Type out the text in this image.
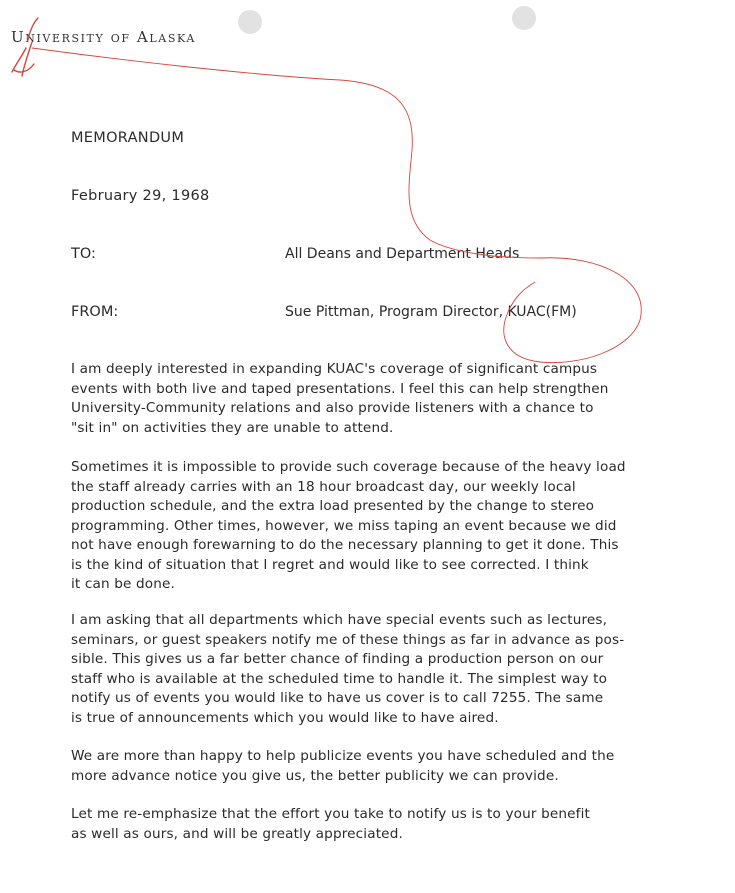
University of Alaska
MEMORANDUM
February 29, 1968
TO:	All Deans and Department Heads
FROM:	Sue Pittman, Program Director, KUAC(FM)
I am deeply interested in expanding KUAC's coverage of significant campus
events with both live and taped presentations. I feel this can help strengthen
University-Community relations and also provide listeners with a chance to
"sit in" on activities they are unable to attend.
Sometimes it is impossible to provide such coverage because of the heavy load
the staff already carries with an 18 hour broadcast day, our weekly local
production schedule, and the extra load presented by the change to stereo
programming. Other times, however, we miss taping an event because we did
not have enough forewarning to do the necessary planning to get it done. This
is the kind of situation that I regret and would like to see corrected. I think
it can be done.
I am asking that all departments which have special events such as lectures,
seminars, or guest speakers notify me of these things as far in advance as pos-
sible. This gives us a far better chance of finding a production person on our
staff who is available at the scheduled time to handle it. The simplest way to
notify us of events you would like to have us cover is to call 7255. The same
is true of announcements which you would like to have aired.
We are more than happy to help publicize events you have scheduled and the
more advance notice you give us, the better publicity we can provide.
Let me re-emphasize that the effort you take to notify us is to your benefit
as well as ours, and will be greatly appreciated.
